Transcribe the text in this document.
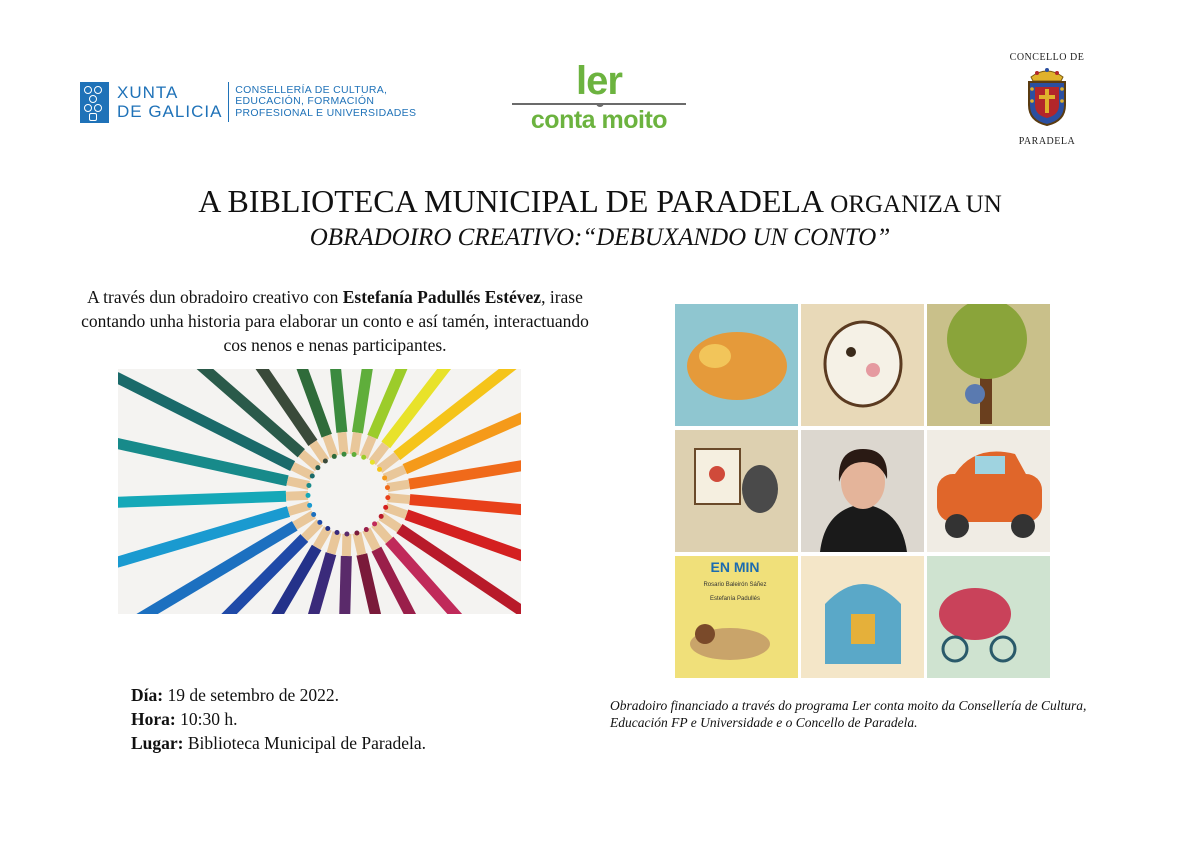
XUNTA
DE GALICIA
CONSELLERÍA DE CULTURA,
EDUCACIÓN, FORMACIÓN
PROFESIONAL E UNIVERSIDADES
ler
conta moito
CONCELLO DE
PARADELA
A BIBLIOTECA MUNICIPAL DE PARADELA ORGANIZA UN
OBRADOIRO CREATIVO:“DEBUXANDO UN CONTO”
A través dun obradoiro creativo con Estefanía Padullés Estévez, irase contando unha historia para elaborar un conto e así tamén, interactuando cos nenos e nenas participantes.
EN MIN
Rosario Baleirón Sáñez
Estefanía Padullés
Día: 19 de setembro de 2022.
Hora: 10:30 h.
Lugar: Biblioteca Municipal de Paradela.
Obradoiro financiado a través do programa Ler conta moito da Consellería de Cultura, Educación FP e Universidade e o Concello de Paradela.
